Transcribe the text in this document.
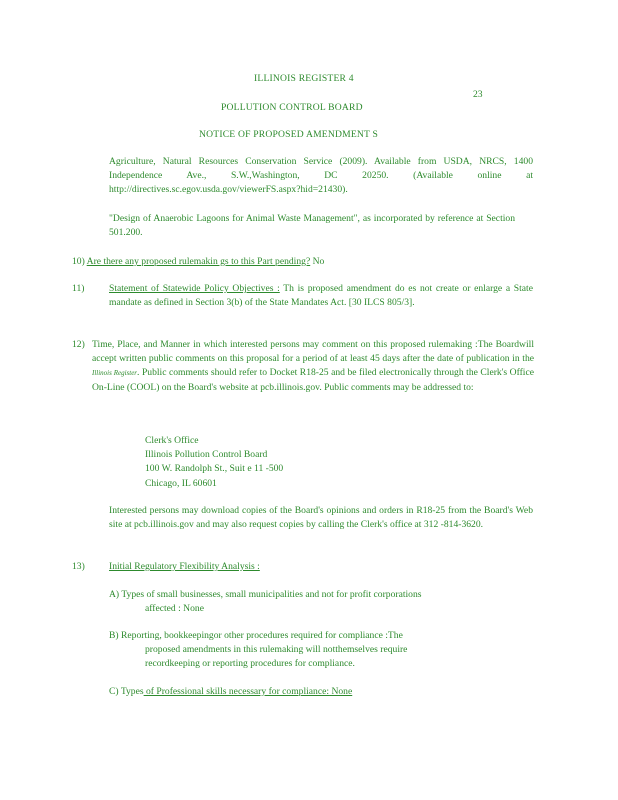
ILLINOIS REGISTER 4
23
POLLUTION CONTROL BOARD
NOTICE OF PROPOSED AMENDMENT S

Agriculture, Natural Resources Conservation Service (2009). Available from USDA, NRCS, 1400 Independence Ave., S.W.,Washington, DC 20250. (Available online at http://directives.sc.egov.usda.gov/viewerFS.aspx?hid=21430).

"Design of Anaerobic Lagoons for Animal Waste Management", as incorporated by reference at Section 501.200.

10) Are there any proposed rulemakin gs to this Part pending? No
11)	Statement of Statewide Policy Objectives : Th is proposed amendment do es not create or enlarge a State mandate as defined in Section 3(b) of the State Mandates Act. [30 ILCS 805/3].

12) Time, Place, and Manner in which interested persons may comment on this proposed rulemaking :The Boardwill accept written public comments on this proposal for a period of at least 45 days after the date of publication in the Illinois Register. Public comments should refer to Docket R18-25 and be filed electronically through the Clerk's Office On-Line (COOL) on the Board's website at pcb.illinois.gov. Public comments may be addressed to:

Clerk's Office
Illinois Pollution Control Board
100 W. Randolph St., Suit e 11 -500
Chicago, IL 60601

Interested persons may download copies of the Board's opinions and orders in R18-25 from the Board's Web site at pcb.illinois.gov and may also request copies by calling the Clerk's office at 312 -814-3620.

13)	Initial Regulatory Flexibility Analysis :
A) Types of small businesses, small municipalities and not for profit corporations
affected : None
B) Reporting, bookkeepingor other procedures required for compliance :The
proposed amendments in this rulemaking will notthemselves require
recordkeeping or reporting procedures for compliance.
C) Types of Professional skills necessary for compliance: None
